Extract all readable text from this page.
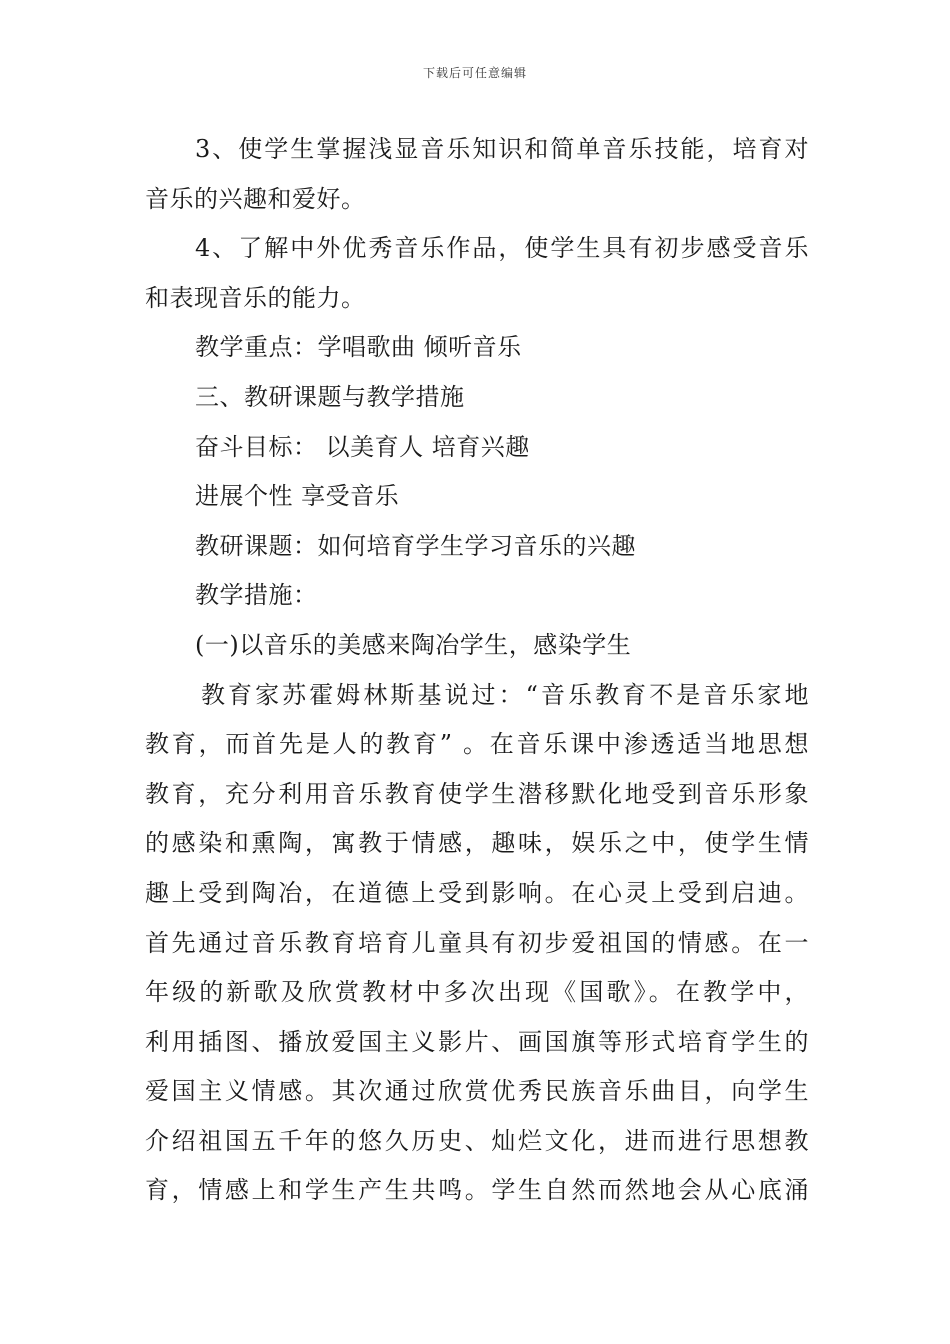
下载后可任意编辑
3、使学生掌握浅显音乐知识和简单音乐技能，培育对
音乐的兴趣和爱好。
4、了解中外优秀音乐作品，使学生具有初步感受音乐
和表现音乐的能力。
教学重点：学唱歌曲 倾听音乐
三、教研课题与教学措施
奋斗目标： 以美育人 培育兴趣
进展个性 享受音乐
教研课题：如何培育学生学习音乐的兴趣
教学措施：
(一)以音乐的美感来陶冶学生，感染学生
教育家苏霍姆林斯基说过：“音乐教育不是音乐家地
教育，而首先是人的教育” 。在音乐课中渗透适当地思想
教育，充分利用音乐教育使学生潜移默化地受到音乐形象
的感染和熏陶，寓教于情感，趣味，娱乐之中，使学生情
趣上受到陶冶，在道德上受到影响。在心灵上受到启迪。
首先通过音乐教育培育儿童具有初步爱祖国的情感。在一
年级的新歌及欣赏教材中多次出现《国歌》。在教学中，
利用插图、播放爱国主义影片、画国旗等形式培育学生的
爱国主义情感。其次通过欣赏优秀民族音乐曲目，向学生
介绍祖国五千年的悠久历史、灿烂文化，进而进行思想教
育，情感上和学生产生共鸣。学生自然而然地会从心底涌
